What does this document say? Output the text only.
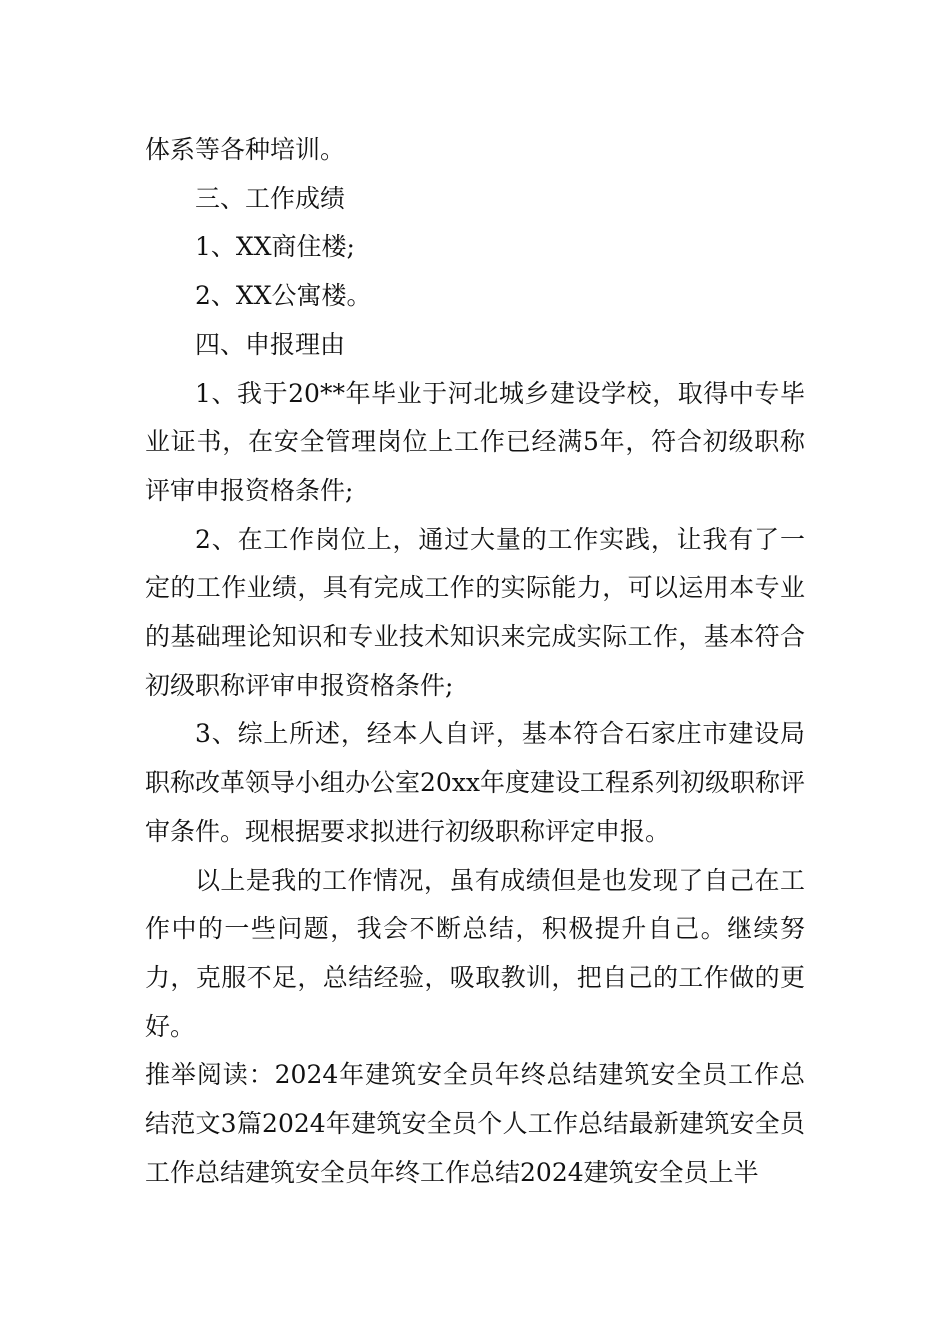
体系等各种培训。

三、工作成绩

1、XX商住楼;

2、XX公寓楼。

四、申报理由

1、我于20**年毕业于河北城乡建设学校，取得中专毕业证书，在安全管理岗位上工作已经满5年，符合初级职称评审申报资格条件;

2、在工作岗位上，通过大量的工作实践，让我有了一定的工作业绩，具有完成工作的实际能力，可以运用本专业的基础理论知识和专业技术知识来完成实际工作，基本符合初级职称评审申报资格条件;

3、综上所述，经本人自评，基本符合石家庄市建设局职称改革领导小组办公室20xx年度建设工程系列初级职称评审条件。现根据要求拟进行初级职称评定申报。

以上是我的工作情况，虽有成绩但是也发现了自己在工作中的一些问题，我会不断总结，积极提升自己。继续努力，克服不足，总结经验，吸取教训，把自己的工作做的更好。

推举阅读：2024年建筑安全员年终总结建筑安全员工作总结范文3篇2024年建筑安全员个人工作总结最新建筑安全员工作总结建筑安全员年终工作总结2024建筑安全员上半
